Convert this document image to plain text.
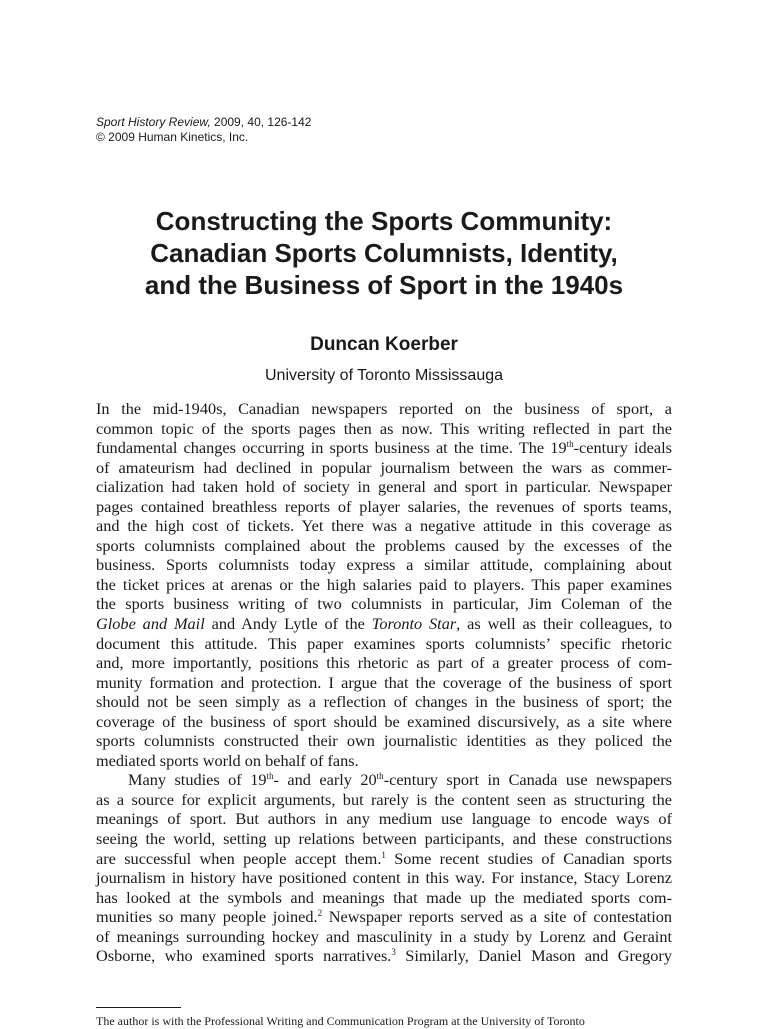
Sport History Review, 2009, 40, 126-142
© 2009 Human Kinetics, Inc.
Constructing the Sports Community:
Canadian Sports Columnists, Identity,
and the Business of Sport in the 1940s
Duncan Koerber
University of Toronto Mississauga
In the mid-1940s, Canadian newspapers reported on the business of sport, a
common topic of the sports pages then as now. This writing reflected in part the
fundamental changes occurring in sports business at the time. The 19th-century ideals
of amateurism had declined in popular journalism between the wars as commer-
cialization had taken hold of society in general and sport in particular. Newspaper
pages contained breathless reports of player salaries, the revenues of sports teams,
and the high cost of tickets. Yet there was a negative attitude in this coverage as
sports columnists complained about the problems caused by the excesses of the
business. Sports columnists today express a similar attitude, complaining about
the ticket prices at arenas or the high salaries paid to players. This paper examines
the sports business writing of two columnists in particular, Jim Coleman of the
Globe and Mail and Andy Lytle of the Toronto Star, as well as their colleagues, to
document this attitude. This paper examines sports columnists’ specific rhetoric
and, more importantly, positions this rhetoric as part of a greater process of com-
munity formation and protection. I argue that the coverage of the business of sport
should not be seen simply as a reflection of changes in the business of sport; the
coverage of the business of sport should be examined discursively, as a site where
sports columnists constructed their own journalistic identities as they policed the
mediated sports world on behalf of fans.
Many studies of 19th- and early 20th-century sport in Canada use newspapers
as a source for explicit arguments, but rarely is the content seen as structuring the
meanings of sport. But authors in any medium use language to encode ways of
seeing the world, setting up relations between participants, and these constructions
are successful when people accept them.$^1$ Some recent studies of Canadian sports
journalism in history have positioned content in this way. For instance, Stacy Lorenz
has looked at the symbols and meanings that made up the mediated sports com-
munities so many people joined.$^2$ Newspaper reports served as a site of contestation
of meanings surrounding hockey and masculinity in a study by Lorenz and Geraint
Osborne, who examined sports narratives.$^3$ Similarly, Daniel Mason and Gregory
The author is with the Professional Writing and Communication Program at the University of Toronto
